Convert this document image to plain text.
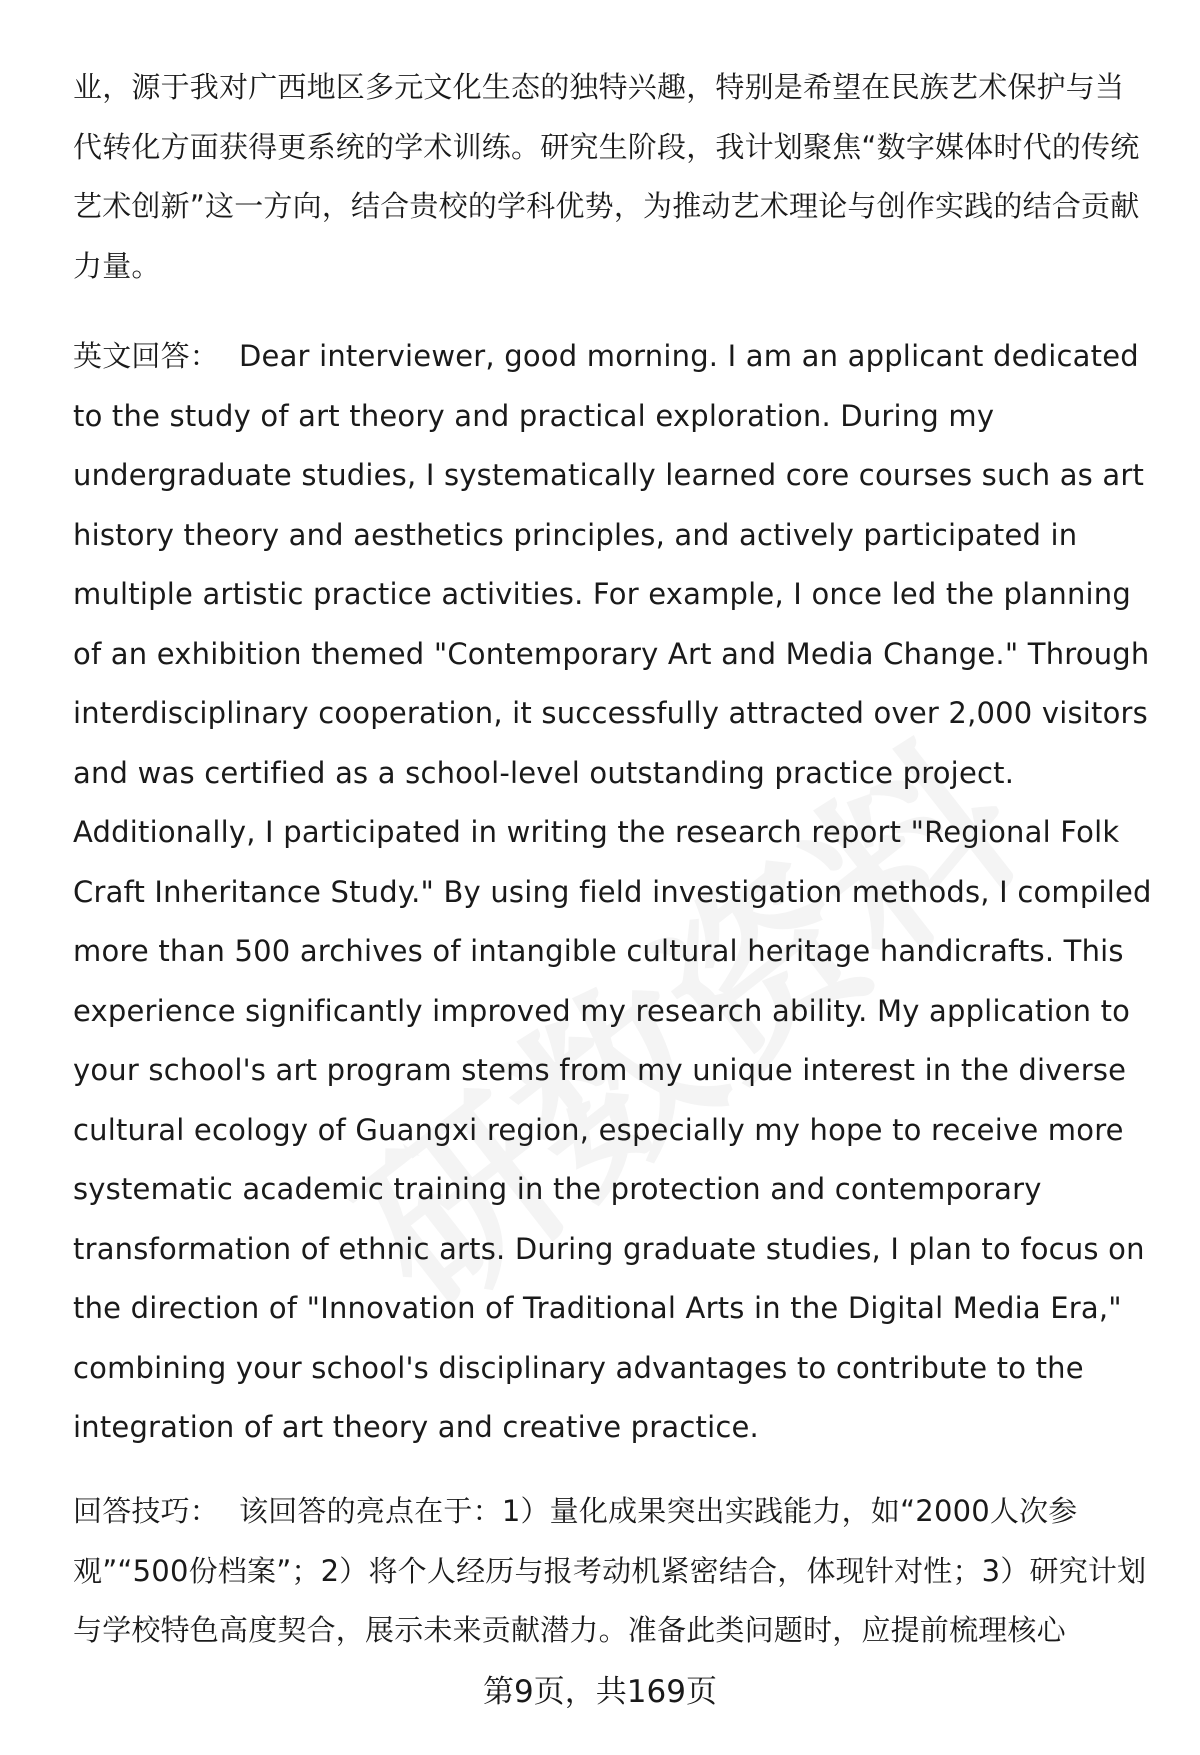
业，源于我对广西地区多元文化生态的独特兴趣，特别是希望在民族艺术保护与当代转化方面获得更系统的学术训练。研究生阶段，我计划聚焦“数字媒体时代的传统艺术创新”这一方向，结合贵校的学科优势，为推动艺术理论与创作实践的结合贡献力量。

英文回答： Dear interviewer, good morning. I am an applicant dedicated to the study of art theory and practical exploration. During my undergraduate studies, I systematically learned core courses such as art history theory and aesthetics principles, and actively participated in multiple artistic practice activities. For example, I once led the planning of an exhibition themed "Contemporary Art and Media Change." Through interdisciplinary cooperation, it successfully attracted over 2,000 visitors and was certified as a school-level outstanding practice project. Additionally, I participated in writing the research report "Regional Folk Craft Inheritance Study." By using field investigation methods, I compiled more than 500 archives of intangible cultural heritage handicrafts. This experience significantly improved my research ability. My application to your school's art program stems from my unique interest in the diverse cultural ecology of Guangxi region, especially my hope to receive more systematic academic training in the protection and contemporary transformation of ethnic arts. During graduate studies, I plan to focus on the direction of "Innovation of Traditional Arts in the Digital Media Era," combining your school's disciplinary advantages to contribute to the integration of art theory and creative practice.

回答技巧： 该回答的亮点在于：1）量化成果突出实践能力，如“2000人次参观”“500份档案”；2）将个人经历与报考动机紧密结合，体现针对性；3）研究计划与学校特色高度契合，展示未来贡献潜力。准备此类问题时，应提前梳理核心

第9页，共169页
